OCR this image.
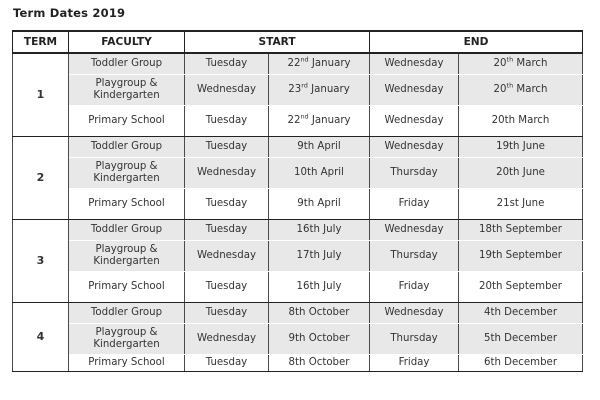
Term Dates 2019
TERM	FACULTY	START		END	
1	Toddler Group	Tuesday	22nd January	Wednesday	20th March
	Playgroup & Kindergarten	Wednesday	23rd January	Wednesday	20th March
	Primary School	Tuesday	22nd January	Wednesday	20th March
2	Toddler Group	Tuesday	9th April	Wednesday	19th June
	Playgroup & Kindergarten	Wednesday	10th April	Thursday	20th June
	Primary School	Tuesday	9th April	Friday	21st June
3	Toddler Group	Tuesday	16th July	Wednesday	18th September
	Playgroup & Kindergarten	Wednesday	17th July	Thursday	19th September
	Primary School	Tuesday	16th July	Friday	20th September
4	Toddler Group	Tuesday	8th October	Wednesday	4th December
	Playgroup & Kindergarten	Wednesday	9th October	Thursday	5th December
	Primary School	Tuesday	8th October	Friday	6th December
